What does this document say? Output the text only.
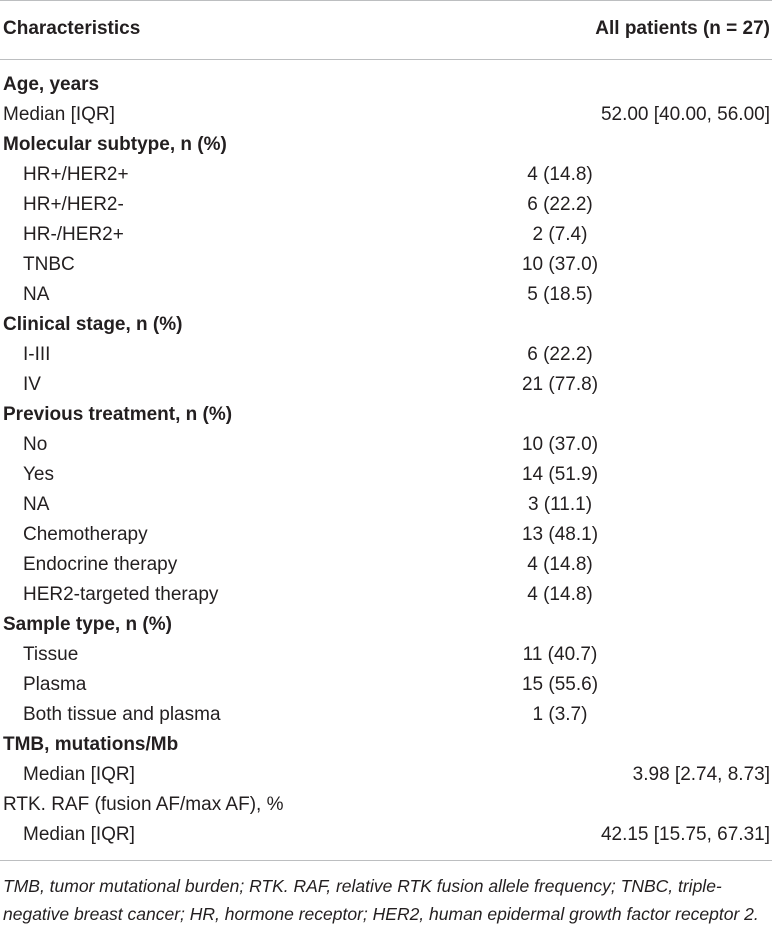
Characteristics	All patients (n = 27)
Age, years
Median [IQR]	52.00 [40.00, 56.00]
Molecular subtype, n (%)
HR+/HER2+	4 (14.8)
HR+/HER2-	6 (22.2)
HR-/HER2+	2 (7.4)
TNBC	10 (37.0)
NA	5 (18.5)
Clinical stage, n (%)
I-III	6 (22.2)
IV	21 (77.8)
Previous treatment, n (%)
No	10 (37.0)
Yes	14 (51.9)
NA	3 (11.1)
Chemotherapy	13 (48.1)
Endocrine therapy	4 (14.8)
HER2-targeted therapy	4 (14.8)
Sample type, n (%)
Tissue	11 (40.7)
Plasma	15 (55.6)
Both tissue and plasma	1 (3.7)
TMB, mutations/Mb
Median [IQR]	3.98 [2.74, 8.73]
RTK. RAF (fusion AF/max AF), %
Median [IQR]	42.15 [15.75, 67.31]
TMB, tumor mutational burden; RTK. RAF, relative RTK fusion allele frequency; TNBC, triple-negative breast cancer; HR, hormone receptor; HER2, human epidermal growth factor receptor 2.
